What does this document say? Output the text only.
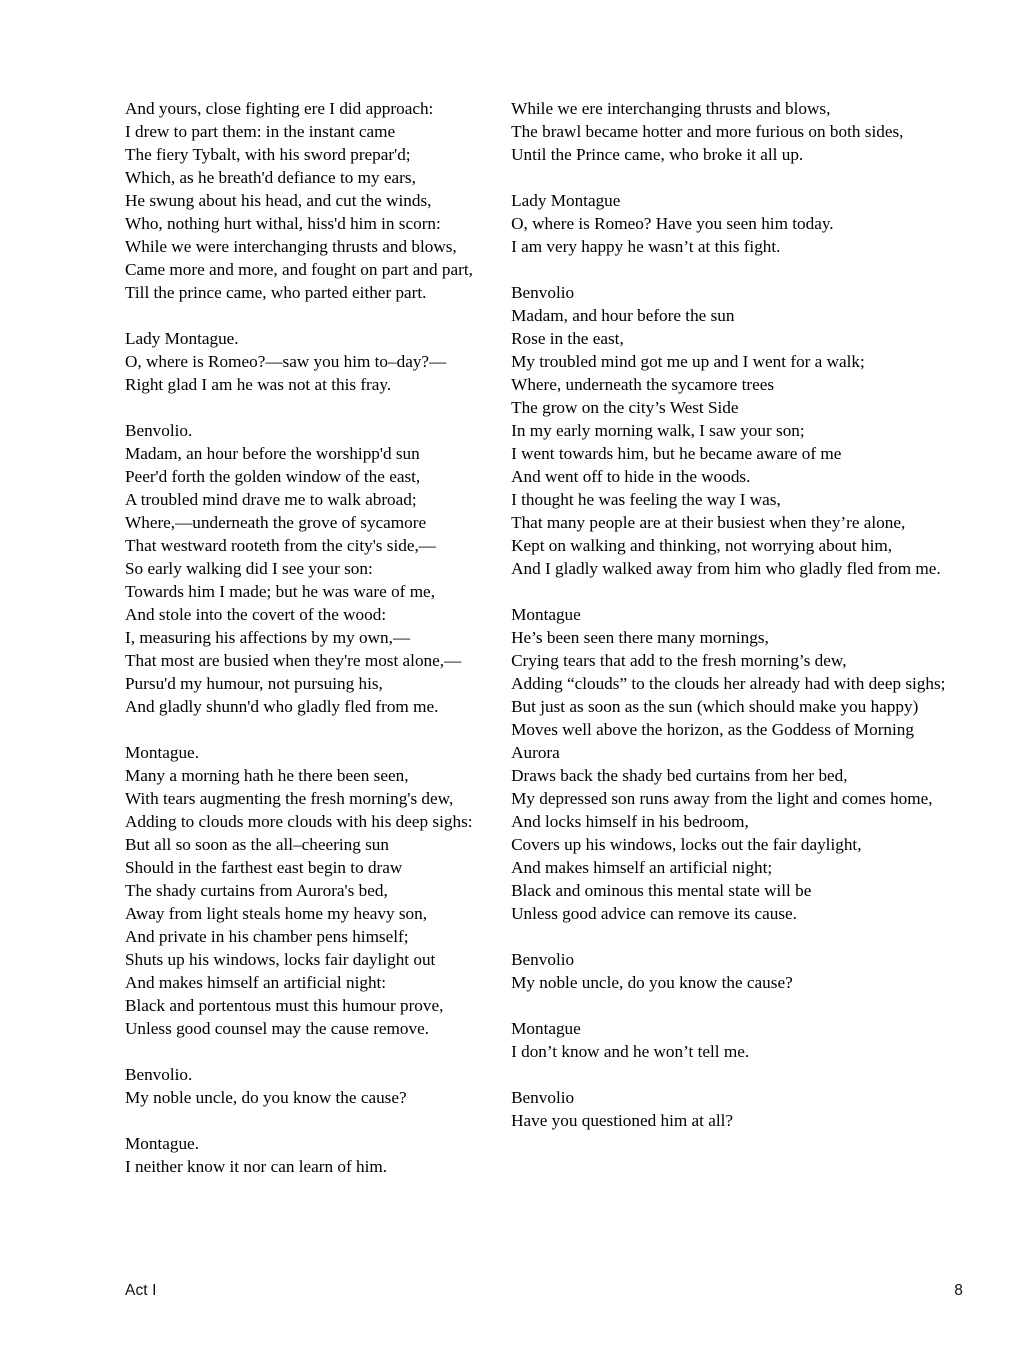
And yours, close fighting ere I did approach:

I drew to part them: in the instant came

The fiery Tybalt, with his sword prepar'd;

Which, as he breath'd defiance to my ears,

He swung about his head, and cut the winds,

Who, nothing hurt withal, hiss'd him in scorn:

While we were interchanging thrusts and blows,

Came more and more, and fought on part and part,

Till the prince came, who parted either part.

Lady Montague.

O, where is Romeo?––saw you him to–day?––

Right glad I am he was not at this fray.

Benvolio.

Madam, an hour before the worshipp'd sun

Peer'd forth the golden window of the east,

A troubled mind drave me to walk abroad;

Where,––underneath the grove of sycamore

That westward rooteth from the city's side,––

So early walking did I see your son:

Towards him I made; but he was ware of me,

And stole into the covert of the wood:

I, measuring his affections by my own,––

That most are busied when they're most alone,––

Pursu'd my humour, not pursuing his,

And gladly shunn'd who gladly fled from me.

Montague.

Many a morning hath he there been seen,

With tears augmenting the fresh morning's dew,

Adding to clouds more clouds with his deep sighs:

But all so soon as the all–cheering sun

Should in the farthest east begin to draw

The shady curtains from Aurora's bed,

Away from light steals home my heavy son,

And private in his chamber pens himself;

Shuts up his windows, locks fair daylight out

And makes himself an artificial night:

Black and portentous must this humour prove,

Unless good counsel may the cause remove.

Benvolio.

My noble uncle, do you know the cause?

Montague.

I neither know it nor can learn of him.

While we ere interchanging thrusts and blows,

The brawl became hotter and more furious on both sides,

Until the Prince came, who broke it all up.

Lady Montague

O, where is Romeo? Have you seen him today.

I am very happy he wasn’t at this fight.

Benvolio

Madam, and hour before the sun

Rose in the east,

My troubled mind got me up and I went for a walk;

Where, underneath the sycamore trees

The grow on the city’s West Side

In my early morning walk, I saw your son;

I went towards him, but he became aware of me

And went off to hide in the woods.

I thought he was feeling the way I was,

That many people are at their busiest when they’re alone,

Kept on walking and thinking, not worrying about him,

And I gladly walked away from him who gladly fled from me.

Montague

He’s been seen there many mornings,

Crying tears that add to the fresh morning’s dew,

Adding “clouds” to the clouds her already had with deep sighs;

But just as soon as the sun (which should make you happy)

Moves well above the horizon, as the Goddess of Morning Aurora

Draws back the shady bed curtains from her bed,

My depressed son runs away from the light and comes home,

And locks himself in his bedroom,

Covers up his windows, locks out the fair daylight,

And makes himself an artificial night;

Black and ominous this mental state will be

Unless good advice can remove its cause.

Benvolio

My noble uncle, do you know the cause?

Montague

I don’t know and he won’t tell me.

Benvolio

Have you questioned him at all?

Act I	8
